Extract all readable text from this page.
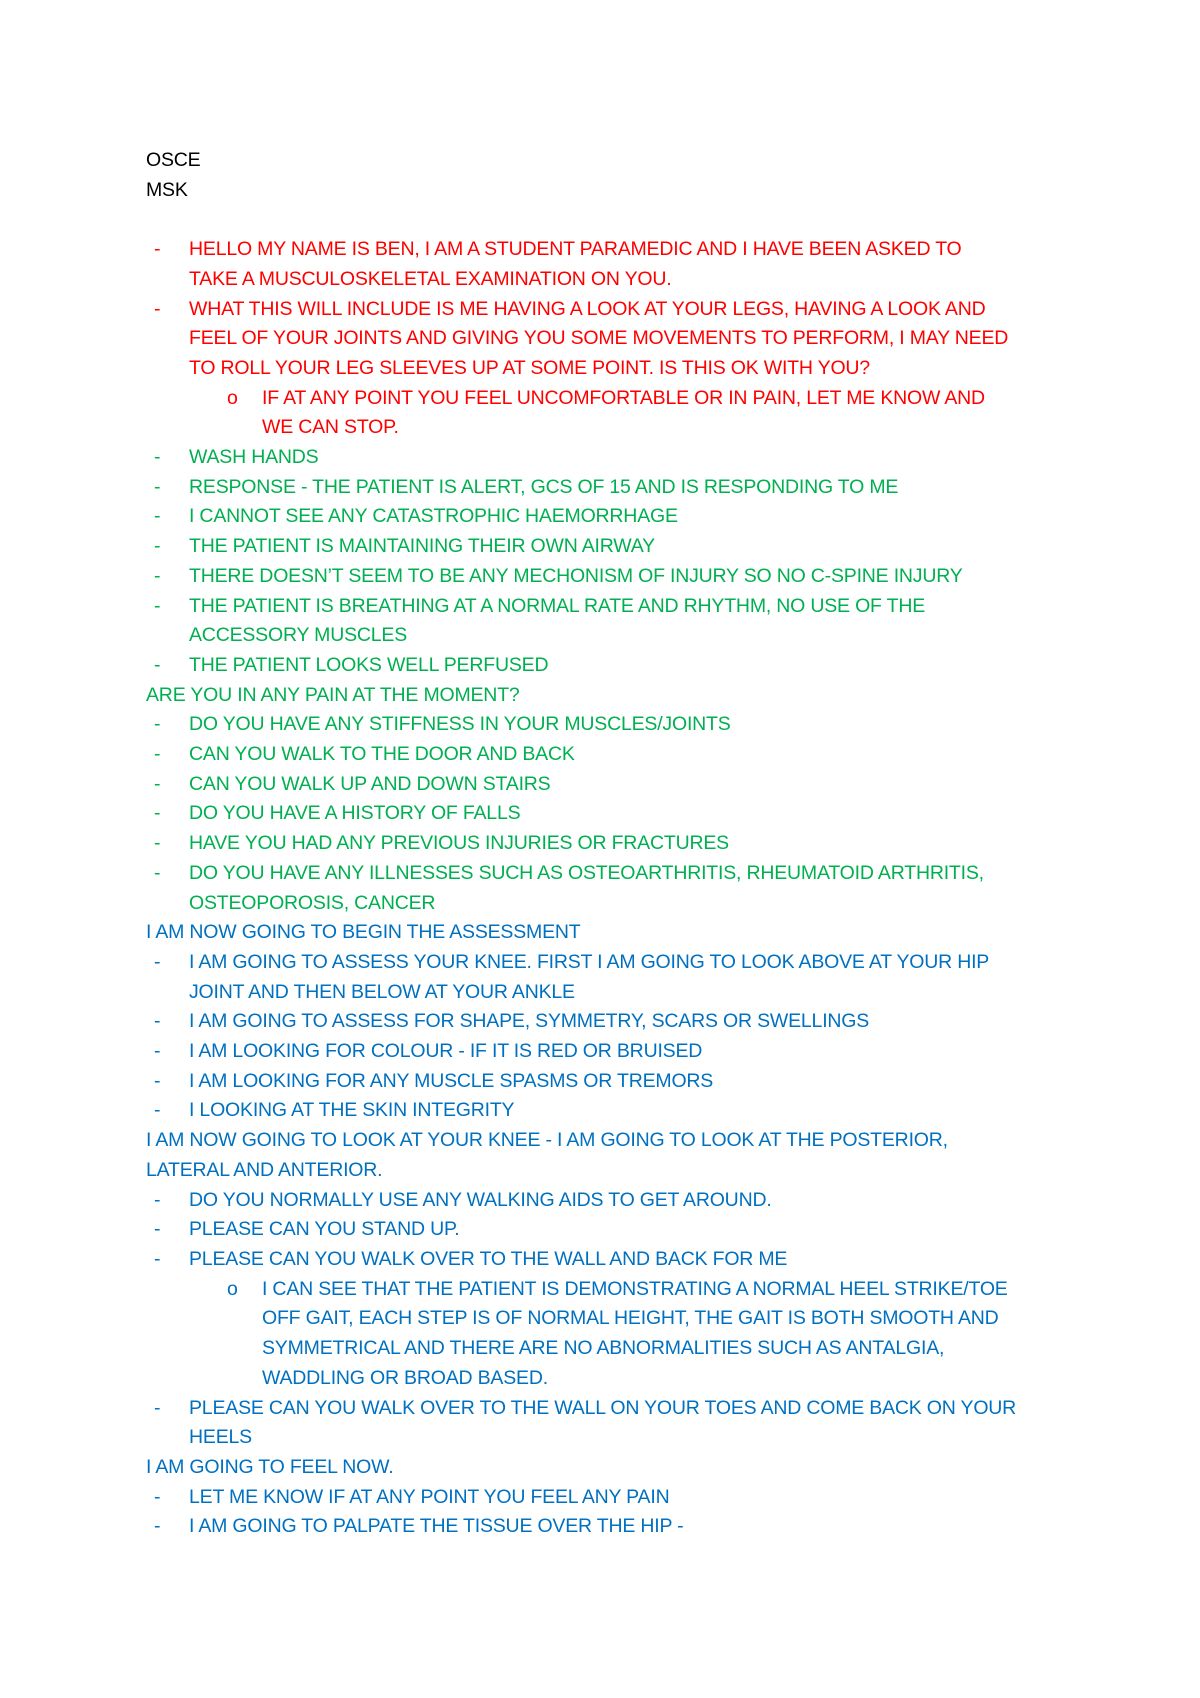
OSCE
MSK
- HELLO MY NAME IS BEN, I AM A STUDENT PARAMEDIC AND I HAVE BEEN ASKED TO
TAKE A MUSCULOSKELETAL EXAMINATION ON YOU.
- WHAT THIS WILL INCLUDE IS ME HAVING A LOOK AT YOUR LEGS, HAVING A LOOK AND
FEEL OF YOUR JOINTS AND GIVING YOU SOME MOVEMENTS TO PERFORM, I MAY NEED
TO ROLL YOUR LEG SLEEVES UP AT SOME POINT. IS THIS OK WITH YOU?
o IF AT ANY POINT YOU FEEL UNCOMFORTABLE OR IN PAIN, LET ME KNOW AND
WE CAN STOP.
- WASH HANDS
- RESPONSE - THE PATIENT IS ALERT, GCS OF 15 AND IS RESPONDING TO ME
- I CANNOT SEE ANY CATASTROPHIC HAEMORRHAGE
- THE PATIENT IS MAINTAINING THEIR OWN AIRWAY
- THERE DOESN’T SEEM TO BE ANY MECHONISM OF INJURY SO NO C-SPINE INJURY
- THE PATIENT IS BREATHING AT A NORMAL RATE AND RHYTHM, NO USE OF THE
ACCESSORY MUSCLES
- THE PATIENT LOOKS WELL PERFUSED
ARE YOU IN ANY PAIN AT THE MOMENT?
- DO YOU HAVE ANY STIFFNESS IN YOUR MUSCLES/JOINTS
- CAN YOU WALK TO THE DOOR AND BACK
- CAN YOU WALK UP AND DOWN STAIRS
- DO YOU HAVE A HISTORY OF FALLS
- HAVE YOU HAD ANY PREVIOUS INJURIES OR FRACTURES
- DO YOU HAVE ANY ILLNESSES SUCH AS OSTEOARTHRITIS, RHEUMATOID ARTHRITIS,
OSTEOPOROSIS, CANCER
I AM NOW GOING TO BEGIN THE ASSESSMENT
- I AM GOING TO ASSESS YOUR KNEE. FIRST I AM GOING TO LOOK ABOVE AT YOUR HIP
JOINT AND THEN BELOW AT YOUR ANKLE
- I AM GOING TO ASSESS FOR SHAPE, SYMMETRY, SCARS OR SWELLINGS
- I AM LOOKING FOR COLOUR - IF IT IS RED OR BRUISED
- I AM LOOKING FOR ANY MUSCLE SPASMS OR TREMORS
- I LOOKING AT THE SKIN INTEGRITY
I AM NOW GOING TO LOOK AT YOUR KNEE - I AM GOING TO LOOK AT THE POSTERIOR,
LATERAL AND ANTERIOR.
- DO YOU NORMALLY USE ANY WALKING AIDS TO GET AROUND.
- PLEASE CAN YOU STAND UP.
- PLEASE CAN YOU WALK OVER TO THE WALL AND BACK FOR ME
o I CAN SEE THAT THE PATIENT IS DEMONSTRATING A NORMAL HEEL STRIKE/TOE
OFF GAIT, EACH STEP IS OF NORMAL HEIGHT, THE GAIT IS BOTH SMOOTH AND
SYMMETRICAL AND THERE ARE NO ABNORMALITIES SUCH AS ANTALGIA,
WADDLING OR BROAD BASED.
- PLEASE CAN YOU WALK OVER TO THE WALL ON YOUR TOES AND COME BACK ON YOUR
HEELS
I AM GOING TO FEEL NOW.
- LET ME KNOW IF AT ANY POINT YOU FEEL ANY PAIN
- I AM GOING TO PALPATE THE TISSUE OVER THE HIP -
